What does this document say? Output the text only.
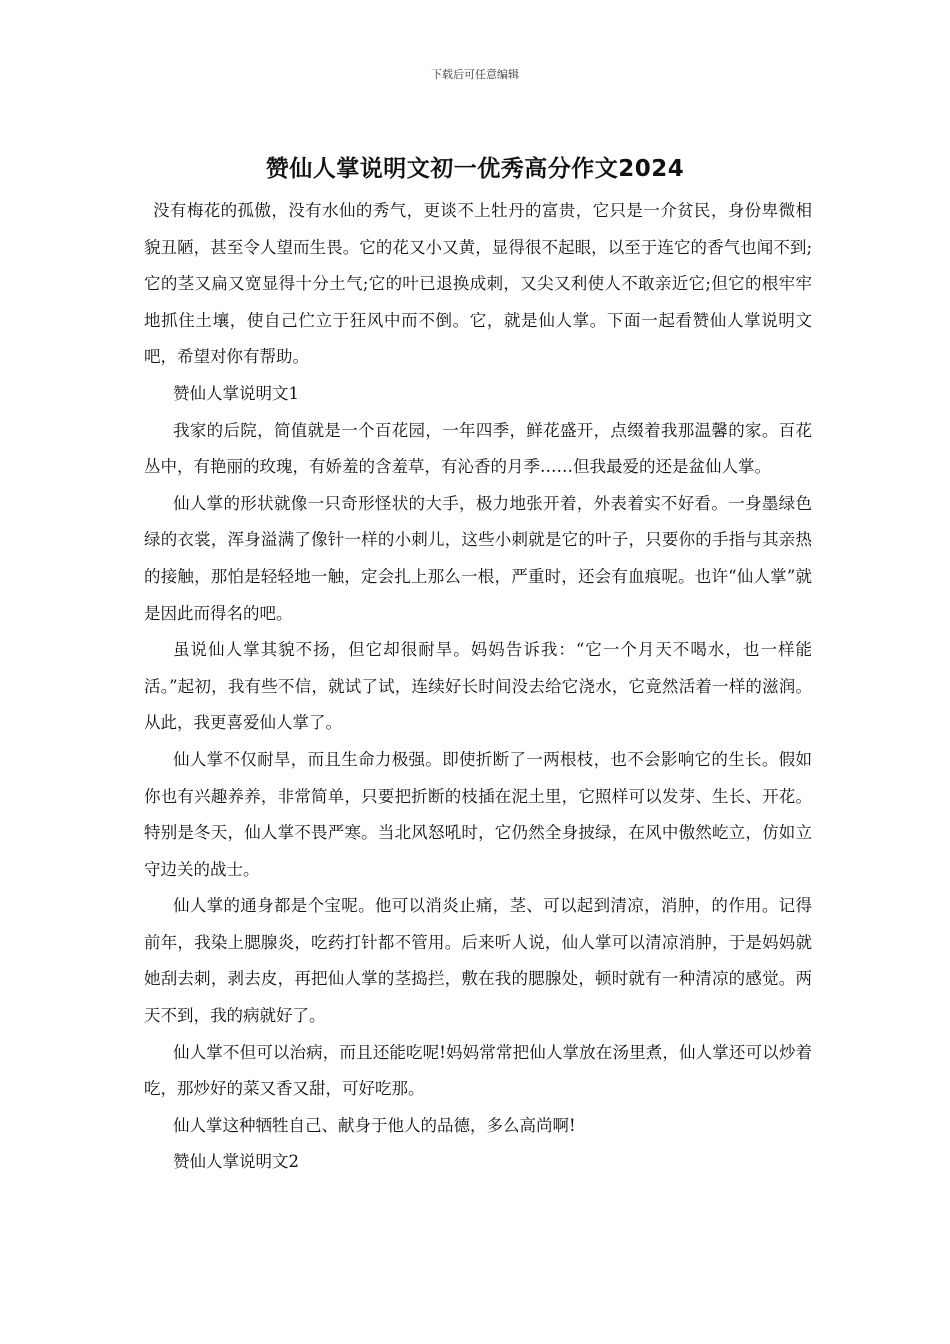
下载后可任意编辑
赞仙人掌说明文初一优秀高分作文2024

没有梅花的孤傲，没有水仙的秀气，更谈不上牡丹的富贵，它只是一介贫民，身份卑微相貌丑陋，甚至令人望而生畏。它的花又小又黄，显得很不起眼，以至于连它的香气也闻不到;它的茎又扁又宽显得十分土气;它的叶已退换成刺，又尖又利使人不敢亲近它;但它的根牢牢地抓住土壤，使自己伫立于狂风中而不倒。它，就是仙人掌。下面一起看赞仙人掌说明文吧，希望对你有帮助。

赞仙人掌说明文1

我家的后院，简值就是一个百花园，一年四季，鲜花盛开，点缀着我那温馨的家。百花丛中，有艳丽的玫瑰，有娇羞的含羞草，有沁香的月季……但我最爱的还是盆仙人掌。

仙人掌的形状就像一只奇形怪状的大手，极力地张开着，外表着实不好看。一身墨绿色绿的衣裳，浑身溢满了像针一样的小刺儿，这些小刺就是它的叶子，只要你的手指与其亲热的接触，那怕是轻轻地一触，定会扎上那么一根，严重时，还会有血痕呢。也许“仙人掌”就是因此而得名的吧。

虽说仙人掌其貌不扬，但它却很耐旱。妈妈告诉我：“它一个月天不喝水，也一样能活。”起初，我有些不信，就试了试，连续好长时间没去给它浇水，它竟然活着一样的滋润。从此，我更喜爱仙人掌了。

仙人掌不仅耐旱，而且生命力极强。即使折断了一两根枝，也不会影响它的生长。假如你也有兴趣养养，非常简单，只要把折断的枝插在泥土里，它照样可以发芽、生长、开花。特别是冬天，仙人掌不畏严寒。当北风怒吼时，它仍然全身披绿，在风中傲然屹立，仿如立守边关的战士。

仙人掌的通身都是个宝呢。他可以消炎止痛，茎、可以起到清凉，消肿，的作用。记得前年，我染上腮腺炎，吃药打针都不管用。后来听人说，仙人掌可以清凉消肿，于是妈妈就她刮去刺，剥去皮，再把仙人掌的茎捣拦，敷在我的腮腺处，顿时就有一种清凉的感觉。两天不到，我的病就好了。

仙人掌不但可以治病，而且还能吃呢!妈妈常常把仙人掌放在汤里煮，仙人掌还可以炒着吃，那炒好的菜又香又甜，可好吃那。

仙人掌这种牺牲自己、献身于他人的品德，多么高尚啊!

赞仙人掌说明文2
